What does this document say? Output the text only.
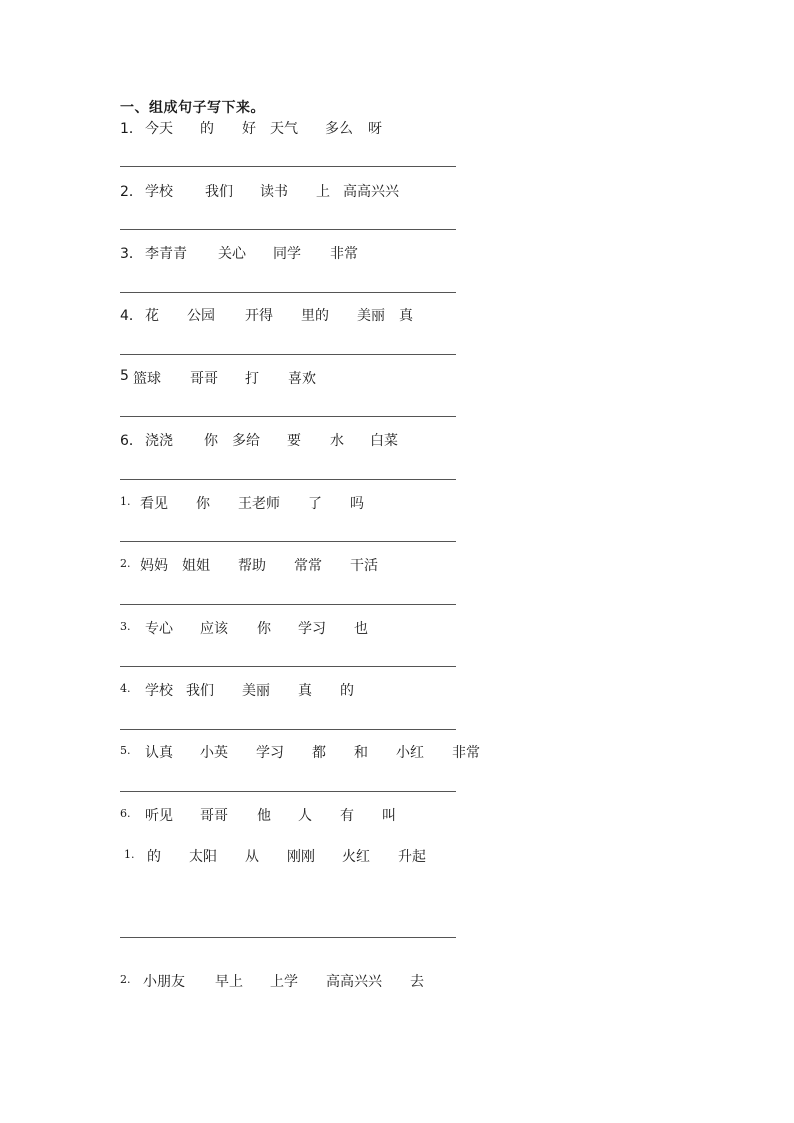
一、组成句子写下来。
1． 今天 的 好 天气 多么 呀
2． 学校 我们 读书 上 高高兴兴
3． 李青青 关心 同学 非常
4． 花 公园 开得 里的 美丽 真
5 篮球 哥哥 打 喜欢
6． 浇浇 你 多给 要 水 白菜
1. 看见 你 王老师 了 吗
2. 妈妈 姐姐 帮助 常常 干活
3. 专心 应该 你 学习 也
4. 学校 我们 美丽 真 的
5. 认真 小英 学习 都 和 小红 非常
6. 听见 哥哥 他 人 有 叫
1. 的 太阳 从 刚刚 火红 升起
2. 小朋友 早上 上学 高高兴兴 去
